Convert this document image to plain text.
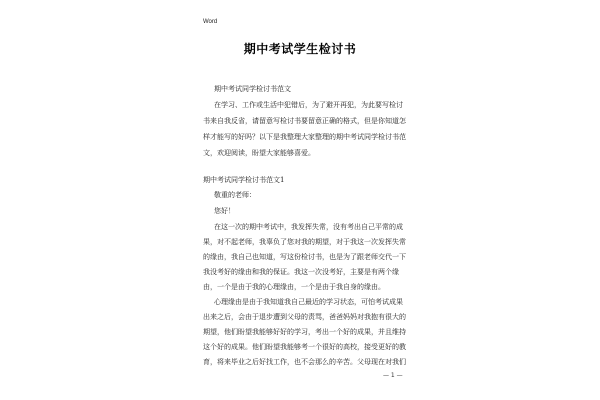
Word
期中考试学生检讨书
期中考试同学检讨书范文
在学习、工作或生活中犯错后，为了避开再犯，为此要写检讨
书来自我反省，请留意写检讨书要留意正确的格式，但是你知道怎
样才能写的好吗？以下是我整理大家整理的期中考试同学检讨书范
文，欢迎阅读，盼望大家能够喜爱。
期中考试同学检讨书范文1
敬重的老师：
您好！
在这一次的期中考试中，我发挥失常，没有考出自己平常的成
果，对不起老师，我辜负了您对我的期望，对于我这一次发挥失常
的缘由，我自己也知道，写这份检讨书，也是为了跟老师交代一下
我没考好的缘由和我的保证。我这一次没考好，主要是有两个缘
由，一个是由于我的心理缘由，一个是由于我自身的缘由。
心理缘由是由于我知道我自己最近的学习状态，可怕考试成果
出来之后，会由于退步遭到父母的责骂，爸爸妈妈对我抱有很大的
期望，他们盼望我能够好好的学习，考出一个好的成果，并且维持
这个好的成果。他们盼望我能够考一个很好的高校，接受更好的教
育，将来毕业之后好找工作，也不会那么的辛苦。父母现在对我们
— 1 —
